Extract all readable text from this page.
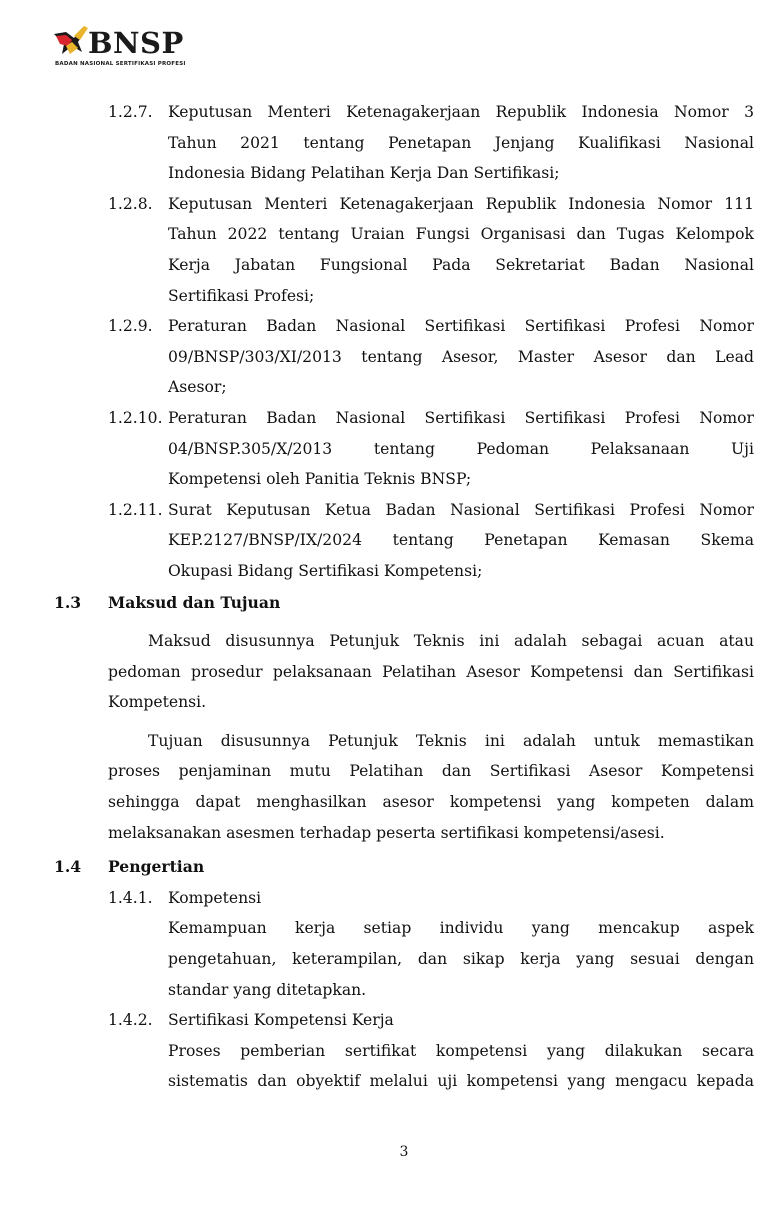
BNSP
BADAN NASIONAL SERTIFIKASI PROFESI
1.2.7. Keputusan Menteri Ketenagakerjaan Republik Indonesia Nomor 3
Tahun 2021 tentang Penetapan Jenjang Kualifikasi Nasional
Indonesia Bidang Pelatihan Kerja Dan Sertifikasi;
1.2.8. Keputusan Menteri Ketenagakerjaan Republik Indonesia Nomor 111
Tahun 2022 tentang Uraian Fungsi Organisasi dan Tugas Kelompok
Kerja Jabatan Fungsional Pada Sekretariat Badan Nasional
Sertifikasi Profesi;
1.2.9. Peraturan Badan Nasional Sertifikasi Sertifikasi Profesi Nomor
09/BNSP/303/XI/2013 tentang Asesor, Master Asesor dan Lead
Asesor;
1.2.10. Peraturan Badan Nasional Sertifikasi Sertifikasi Profesi Nomor
04/BNSP.305/X/2013 tentang Pedoman Pelaksanaan Uji
Kompetensi oleh Panitia Teknis BNSP;
1.2.11. Surat Keputusan Ketua Badan Nasional Sertifikasi Profesi Nomor
KEP.2127/BNSP/IX/2024 tentang Penetapan Kemasan Skema
Okupasi Bidang Sertifikasi Kompetensi;
1.3 Maksud dan Tujuan
Maksud disusunnya Petunjuk Teknis ini adalah sebagai acuan atau
pedoman prosedur pelaksanaan Pelatihan Asesor Kompetensi dan Sertifikasi
Kompetensi.
Tujuan disusunnya Petunjuk Teknis ini adalah untuk memastikan
proses penjaminan mutu Pelatihan dan Sertifikasi Asesor Kompetensi
sehingga dapat menghasilkan asesor kompetensi yang kompeten dalam
melaksanakan asesmen terhadap peserta sertifikasi kompetensi/asesi.
1.4 Pengertian
1.4.1. Kompetensi
Kemampuan kerja setiap individu yang mencakup aspek
pengetahuan, keterampilan, dan sikap kerja yang sesuai dengan
standar yang ditetapkan.
1.4.2. Sertifikasi Kompetensi Kerja
Proses pemberian sertifikat kompetensi yang dilakukan secara
sistematis dan obyektif melalui uji kompetensi yang mengacu kepada
3
